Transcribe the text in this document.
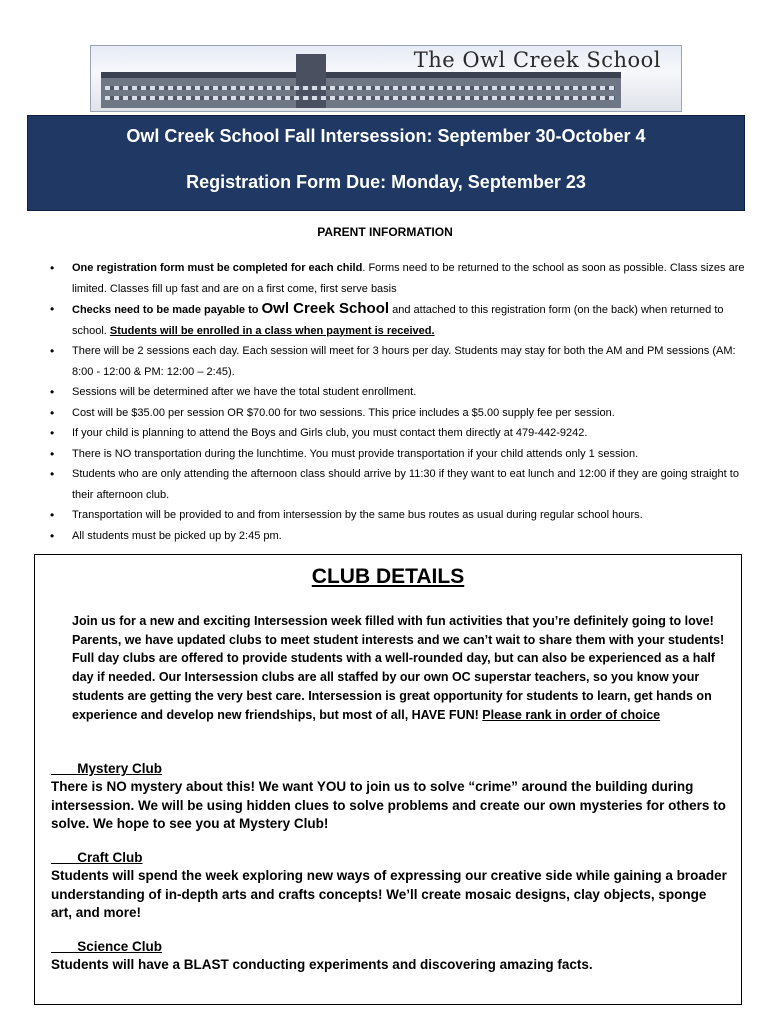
The Owl Creek School
Owl Creek School Fall Intersession: September 30-October 4
Registration Form Due: Monday, September 23
PARENT INFORMATION
• One registration form must be completed for each child. Forms need to be returned to the school as soon as possible. Class sizes are limited. Classes fill up fast and are on a first come, first serve basis
• Checks need to be made payable to Owl Creek School and attached to this registration form (on the back) when returned to school. Students will be enrolled in a class when payment is received.
• There will be 2 sessions each day. Each session will meet for 3 hours per day. Students may stay for both the AM and PM sessions (AM: 8:00 - 12:00 & PM: 12:00 – 2:45).
• Sessions will be determined after we have the total student enrollment.
• Cost will be $35.00 per session OR $70.00 for two sessions. This price includes a $5.00 supply fee per session.
• If your child is planning to attend the Boys and Girls club, you must contact them directly at 479-442-9242.
• There is NO transportation during the lunchtime. You must provide transportation if your child attends only 1 session.
• Students who are only attending the afternoon class should arrive by 11:30 if they want to eat lunch and 12:00 if they are going straight to their afternoon club.
• Transportation will be provided to and from intersession by the same bus routes as usual during regular school hours.
• All students must be picked up by 2:45 pm.
CLUB DETAILS
Join us for a new and exciting Intersession week filled with fun activities that you’re definitely going to love! Parents, we have updated clubs to meet student interests and we can’t wait to share them with your students! Full day clubs are offered to provide students with a well-rounded day, but can also be experienced as a half day if needed. Our Intersession clubs are all staffed by our own OC superstar teachers, so you know your students are getting the very best care. Intersession is great opportunity for students to learn, get hands on experience and develop new friendships, but most of all, HAVE FUN! Please rank in order of choice
Mystery Club
There is NO mystery about this! We want YOU to join us to solve “crime” around the building during intersession. We will be using hidden clues to solve problems and create our own mysteries for others to solve. We hope to see you at Mystery Club!
Craft Club
Students will spend the week exploring new ways of expressing our creative side while gaining a broader understanding of in-depth arts and crafts concepts! We’ll create mosaic designs, clay objects, sponge art, and more!
Science Club
Students will have a BLAST conducting experiments and discovering amazing facts.
